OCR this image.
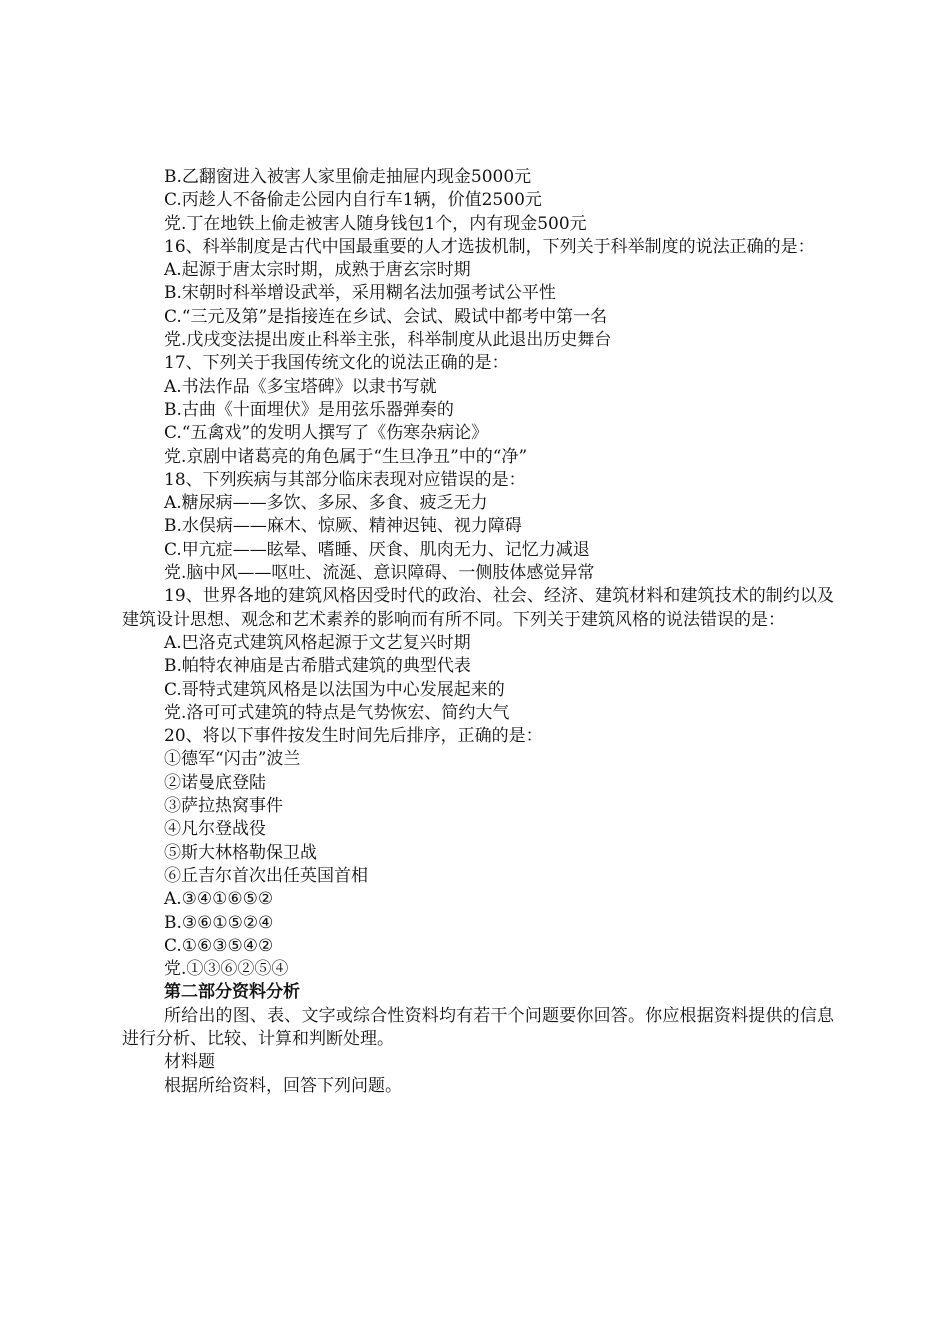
B.乙翻窗进入被害人家里偷走抽屉内现金5000元
C.丙趁人不备偷走公园内自行车1辆，价值2500元
党.丁在地铁上偷走被害人随身钱包1个，内有现金500元
16、科举制度是古代中国最重要的人才选拔机制，下列关于科举制度的说法正确的是：
A.起源于唐太宗时期，成熟于唐玄宗时期
B.宋朝时科举增设武举，采用糊名法加强考试公平性
C.“三元及第”是指接连在乡试、会试、殿试中都考中第一名
党.戊戌变法提出废止科举主张，科举制度从此退出历史舞台
17、下列关于我国传统文化的说法正确的是：
A.书法作品《多宝塔碑》以隶书写就
B.古曲《十面埋伏》是用弦乐器弹奏的
C.“五禽戏”的发明人撰写了《伤寒杂病论》
党.京剧中诸葛亮的角色属于“生旦净丑”中的“净”
18、下列疾病与其部分临床表现对应错误的是：
A.糖尿病——多饮、多尿、多食、疲乏无力
B.水俣病——麻木、惊厥、精神迟钝、视力障碍
C.甲亢症——眩晕、嗜睡、厌食、肌肉无力、记忆力减退
党.脑中风——呕吐、流涎、意识障碍、一侧肢体感觉异常
19、世界各地的建筑风格因受时代的政治、社会、经济、建筑材料和建筑技术的制约以及建筑设计思想、观念和艺术素养的影响而有所不同。下列关于建筑风格的说法错误的是：
A.巴洛克式建筑风格起源于文艺复兴时期
B.帕特农神庙是古希腊式建筑的典型代表
C.哥特式建筑风格是以法国为中心发展起来的
党.洛可可式建筑的特点是气势恢宏、简约大气
20、将以下事件按发生时间先后排序，正确的是：
①德军“闪击”波兰
②诺曼底登陆
③萨拉热窝事件
④凡尔登战役
⑤斯大林格勒保卫战
⑥丘吉尔首次出任英国首相
A.③④①⑥⑤②
B.③⑥①⑤②④
C.①⑥③⑤④②
党.①③⑥②⑤④
第二部分资料分析
所给出的图、表、文字或综合性资料均有若干个问题要你回答。你应根据资料提供的信息进行分析、比较、计算和判断处理。
材料题
根据所给资料，回答下列问题。
